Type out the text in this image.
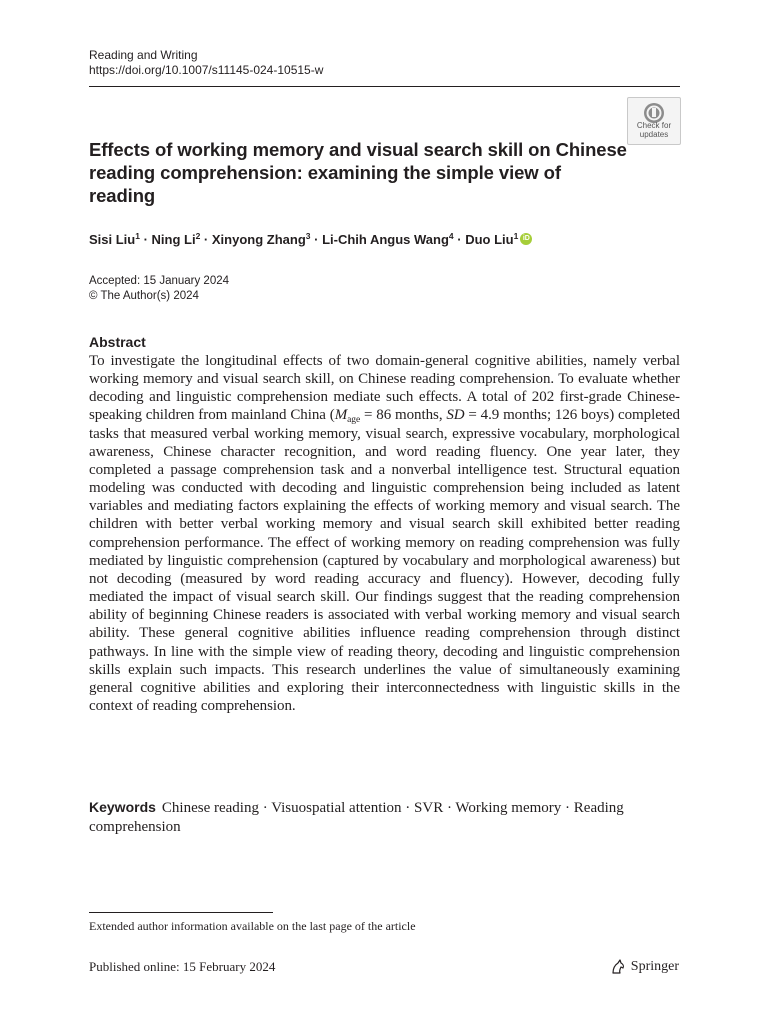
Reading and Writing
https://doi.org/10.1007/s11145-024-10515-w
Check for
updates
Effects of working memory and visual search skill on Chinese reading comprehension: examining the simple view of reading
Sisi Liu$^1$ · Ning $Li^2$ · Xinyong Zhang$^3$ · Li-Chih Angus Wang$^4$ · Duo Liu$^1$ iD
Accepted: 15 January 2024
© The Author(s) 2024
Abstract

To investigate the longitudinal effects of two domain-general cognitive abilities, namely verbal working memory and visual search skill, on Chinese reading comprehension. To evaluate whether decoding and linguistic comprehension mediate such effects. A total of 202 first-grade Chinese-speaking children from mainland China ($M_{age} = 86$ months, SD = 4.9 months; 126 boys) completed tasks that measured verbal working memory, visual search, expressive vocabulary, morphological awareness, Chinese character recognition, and word reading fluency. One year later, they completed a passage comprehension task and a nonverbal intelligence test. Structural equation modeling was conducted with decoding and linguistic comprehension being included as latent variables and mediating factors explaining the effects of working memory and visual search. The children with better verbal working memory and visual search skill exhibited better reading comprehension performance. The effect of working memory on reading comprehension was fully mediated by linguistic comprehension (captured by vocabulary and morphological awareness) but not decoding (measured by word reading accuracy and fluency). However, decoding fully mediated the impact of visual search skill. Our findings suggest that the reading comprehension ability of beginning Chinese readers is associated with verbal working memory and visual search ability. These general cognitive abilities influence reading comprehension through distinct pathways. In line with the simple view of reading theory, decoding and linguistic comprehension skills explain such impacts. This research underlines the value of simultaneously examining general cognitive abilities and exploring their interconnectedness with linguistic skills in the context of reading comprehension.

Keywords Chinese reading · Visuospatial attention · SVR · Working memory · Reading comprehension
Extended author information available on the last page of the article
Published online: 15 February 2024	Springer
